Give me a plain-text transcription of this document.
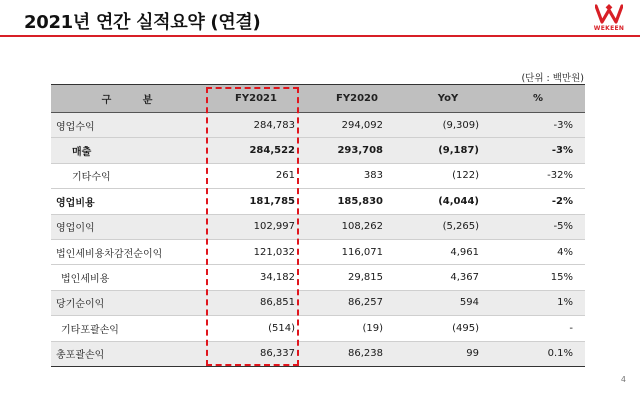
2021년 연간 실적요약 (연결)	WEKEEN
(단위 : 백만원)
구 분	FY2021	FY2020	YoY	%
영업수익	284,783	294,092	(9,309)	-3%
매출	284,522	293,708	(9,187)	-3%
기타수익	261	383	(122)	-32%
영업비용	181,785	185,830	(4,044)	-2%
영업이익	102,997	108,262	(5,265)	-5%
법인세비용차감전순이익	121,032	116,071	4,961	4%
법인세비용	34,182	29,815	4,367	15%
당기순이익	86,851	86,257	594	1%
기타포괄손익	(514)	(19)	(495)	-
총포괄손익	86,337	86,238	99	0.1%
4
